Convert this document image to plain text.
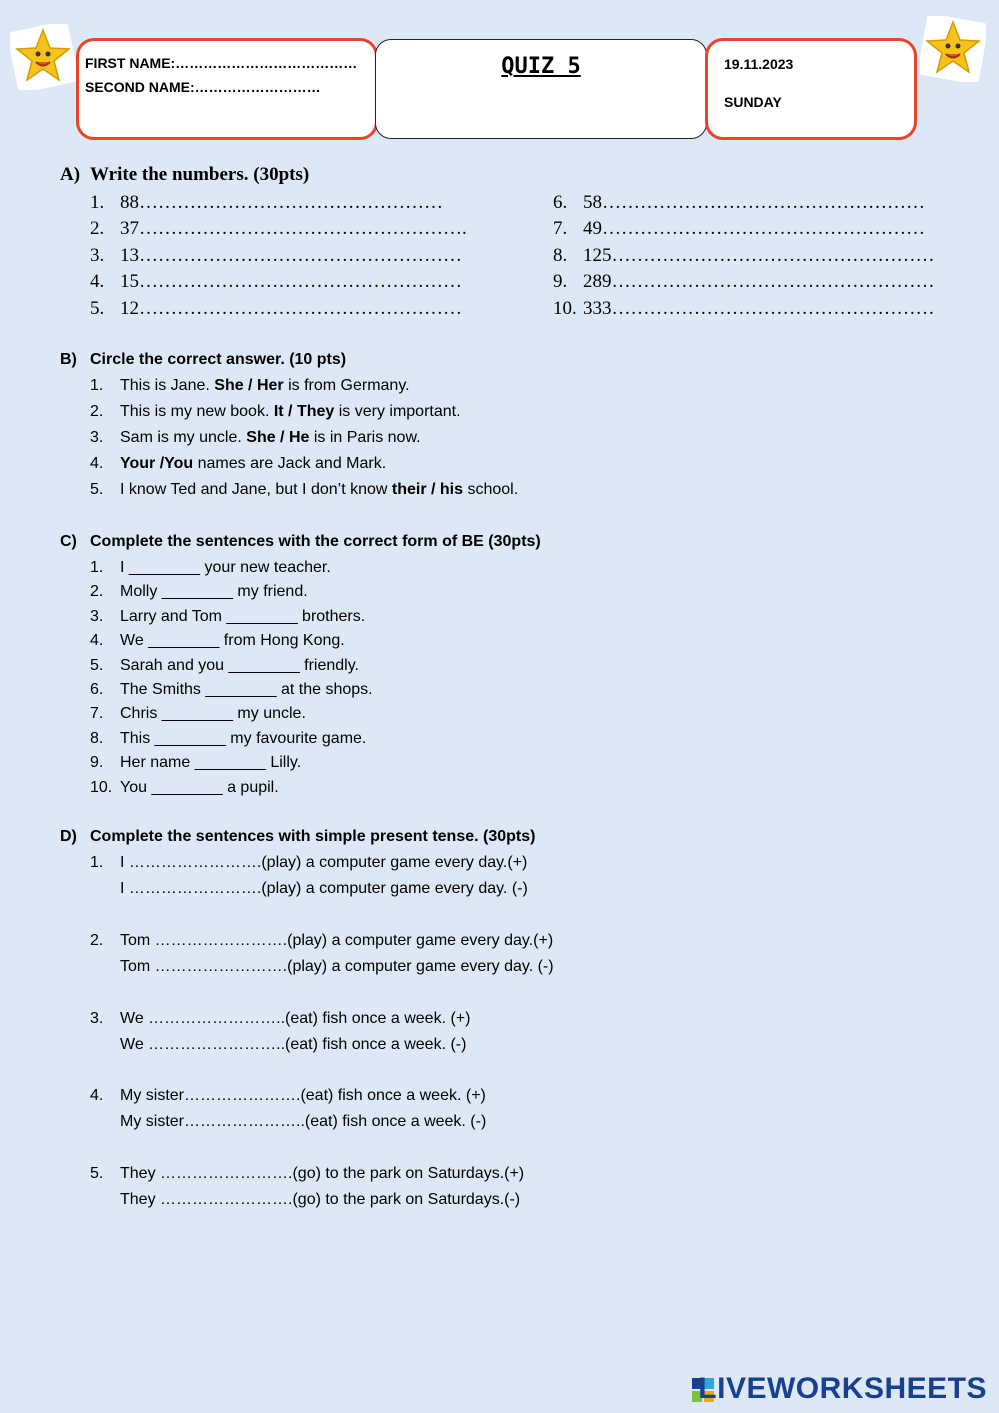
FIRST NAME:…………………………………
SECOND NAME:………………………
QUIZ 5	19.11.2023
SUNDAY
A) Write the numbers. (30pts)
1. 88…………………………………………
2. 37…………………………………………….
3. 13……………………………………………
4. 15……………………………………………
5. 12……………………………………………
6. 58……………………………………………
7. 49……………………………………………
8. 125……………………………………………
9. 289……………………………………………
10. 333……………………………………………
B) Circle the correct answer. (10 pts)
1. This is Jane. She / Her is from Germany.
2. This is my new book. It / They is very important.
3. Sam is my uncle. She / He is in Paris now.
4. Your /You names are Jack and Mark.
5. I know Ted and Jane, but I don’t know their / his school.
C) Complete the sentences with the correct form of BE (30pts)
1. I ________ your new teacher.
2. Molly ________ my friend.
3. Larry and Tom ________ brothers.
4. We ________ from Hong Kong.
5. Sarah and you ________ friendly.
6. The Smiths ________ at the shops.
7. Chris ________ my uncle.
8. This ________ my favourite game.
9. Her name ________ Lilly.
10. You ________ a pupil.
D) Complete the sentences with simple present tense. (30pts)
1. I …………………….(play) a computer game every day.(+)
I …………………….(play) a computer game every day. (-)
2. Tom …………………….(play) a computer game every day.(+)
Tom …………………….(play) a computer game every day. (-)
3. We ……………………..(eat) fish once a week. (+)
We ……………………..(eat) fish once a week. (-)
4. My sister………………….(eat) fish once a week. (+)
My sister…………………..(eat) fish once a week. (-)
5. They …………………….(go) to the park on Saturdays.(+)
They …………………….(go) to the park on Saturdays.(-)
LIVEWORKSHEETS
